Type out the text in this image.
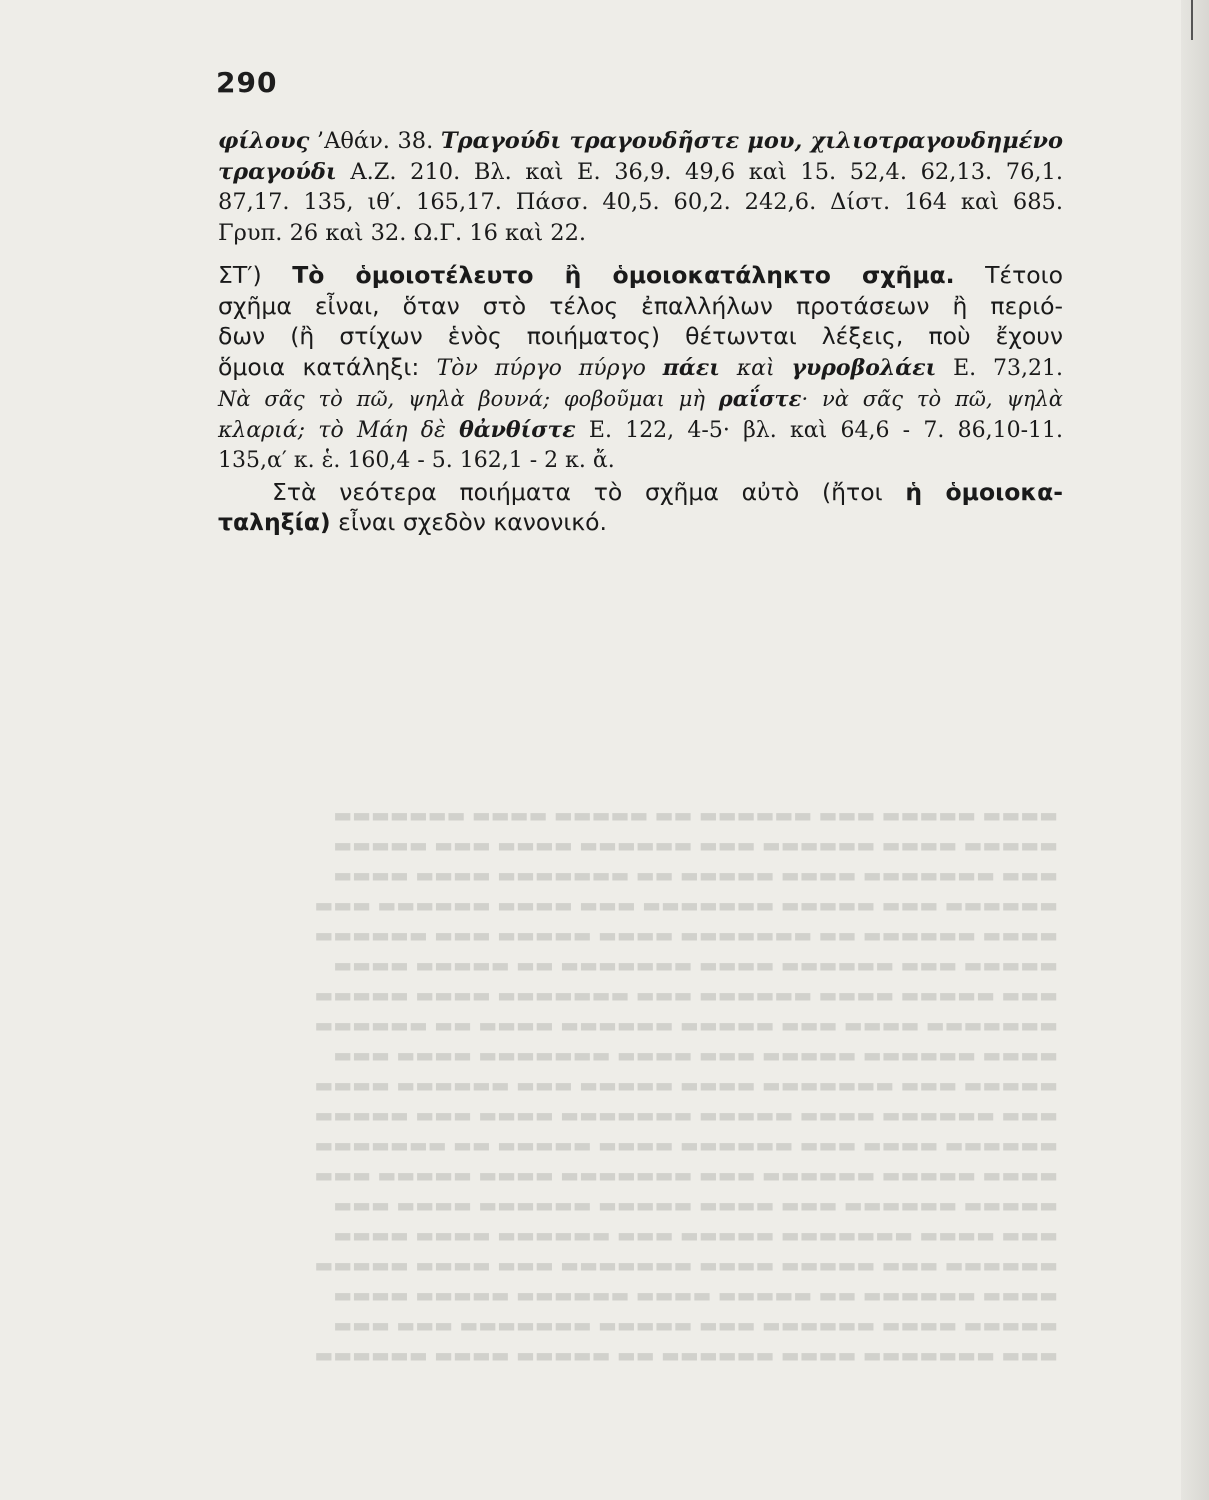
▬▬▬▬ ▬▬▬▬▬ ▬▬▬ ▬▬▬▬▬▬ ▬▬ ▬▬▬▬▬ ▬▬▬▬ ▬▬▬▬▬▬▬
▬▬▬▬▬ ▬▬▬▬ ▬▬▬▬▬▬ ▬▬▬ ▬▬▬▬▬▬ ▬▬▬▬ ▬▬▬ ▬▬▬▬▬
▬▬▬ ▬▬▬▬▬▬▬ ▬▬▬▬ ▬▬▬▬▬ ▬▬ ▬▬▬▬▬▬▬ ▬▬▬▬ ▬▬▬▬
▬▬▬▬▬▬ ▬▬▬ ▬▬▬▬▬ ▬▬▬▬▬▬▬ ▬▬▬ ▬▬▬▬ ▬▬▬▬▬▬ ▬▬▬
▬▬▬▬ ▬▬▬▬▬▬ ▬▬ ▬▬▬▬▬▬▬ ▬▬▬▬ ▬▬▬▬▬ ▬▬▬ ▬▬▬▬▬▬
▬▬▬▬▬ ▬▬▬ ▬▬▬▬▬▬ ▬▬▬▬ ▬▬▬▬▬▬▬ ▬▬ ▬▬▬▬▬ ▬▬▬▬
▬▬▬ ▬▬▬▬▬ ▬▬▬▬ ▬▬▬▬▬▬ ▬▬▬ ▬▬▬▬▬▬▬ ▬▬▬▬ ▬▬▬▬▬
▬▬▬▬▬▬▬ ▬▬▬▬ ▬▬▬ ▬▬▬▬▬ ▬▬▬▬▬▬ ▬▬▬▬ ▬▬ ▬▬▬▬▬▬
▬▬▬▬ ▬▬▬▬▬▬ ▬▬▬▬▬ ▬▬▬ ▬▬▬▬ ▬▬▬▬▬▬▬ ▬▬▬▬ ▬▬▬
▬▬▬▬▬ ▬▬▬ ▬▬▬▬▬▬▬ ▬▬▬▬ ▬▬▬▬▬ ▬▬▬ ▬▬▬▬▬▬ ▬▬▬▬
▬▬▬ ▬▬▬▬▬▬ ▬▬▬▬ ▬▬▬▬▬ ▬▬▬▬▬▬▬ ▬▬▬▬ ▬▬▬ ▬▬▬▬▬
▬▬▬▬▬▬ ▬▬▬▬ ▬▬▬ ▬▬▬▬▬▬ ▬▬▬▬ ▬▬▬▬▬ ▬▬ ▬▬▬▬▬▬▬
▬▬▬▬ ▬▬▬▬▬ ▬▬▬▬▬▬ ▬▬▬ ▬▬▬▬▬▬▬ ▬▬▬▬ ▬▬▬▬▬ ▬▬▬
▬▬▬▬▬ ▬▬▬▬▬▬ ▬▬▬ ▬▬▬▬ ▬▬▬▬▬ ▬▬▬▬▬▬ ▬▬▬▬ ▬▬▬
▬▬▬ ▬▬▬▬ ▬▬▬▬▬▬▬ ▬▬▬▬▬ ▬▬▬ ▬▬▬▬▬▬ ▬▬▬▬ ▬▬▬▬
▬▬▬▬▬▬ ▬▬▬ ▬▬▬▬▬ ▬▬▬▬ ▬▬▬▬▬▬▬ ▬▬▬ ▬▬▬▬ ▬▬▬▬▬
▬▬▬▬ ▬▬▬▬▬▬ ▬▬ ▬▬▬▬▬ ▬▬▬▬ ▬▬▬▬▬▬ ▬▬▬▬▬ ▬▬▬▬
▬▬▬▬▬ ▬▬▬▬ ▬▬▬▬▬▬ ▬▬▬ ▬▬▬▬▬ ▬▬▬▬▬▬▬ ▬▬▬ ▬▬▬
▬▬▬ ▬▬▬▬▬▬▬ ▬▬▬▬ ▬▬▬▬▬▬ ▬▬ ▬▬▬▬▬ ▬▬▬▬ ▬▬▬▬▬▬
290
φίλους ’Αθάν. 38. Τραγούδι τραγουδῆστε μου, χιλιοτραγουδημένο
τραγούδι Α.Ζ. 210. Βλ. καὶ Ε. 36,9. 49,6 καὶ 15. 52,4. 62,13. 76,1.
87,17. 135, ιθ′. 165,17. Πάσσ. 40,5. 60,2. 242,6. Δίστ. 164 καὶ 685.
Γρυπ. 26 καὶ 32. Ω.Γ. 16 καὶ 22.
ΣΤ′) Τὸ ὁμοιοτέλευτο ἢ ὁμοιοκατάληκτο σχῆμα. Τέτοιο
σχῆμα εἶναι, ὅταν στὸ τέλος ἐπαλλήλων προτάσεων ἢ περιό-
δων (ἢ στίχων ἑνὸς ποιήματος) θέτωνται λέξεις, ποὺ ἔχουν
ὅμοια κατάληξι: Τὸν πύργο πύργο πάει καὶ γυροβολάει Ε. 73,21.
Νὰ σᾶς τὸ πῶ, ψηλὰ βουνά; φοβοῦμαι μὴ ραΐστε· νὰ σᾶς τὸ πῶ, ψηλὰ
κλαριά; τὸ Μάη δὲ θἀνθίστε Ε. 122, 4-5· βλ. καὶ 64,6 - 7. 86,10-11.
135,α′ κ. ἑ. 160,4 - 5. 162,1 - 2 κ. ἄ.
Στὰ νεότερα ποιήματα τὸ σχῆμα αὐτὸ (ἤτοι ἡ ὁμοιοκα-
ταληξία) εἶναι σχεδὸν κανονικό.
